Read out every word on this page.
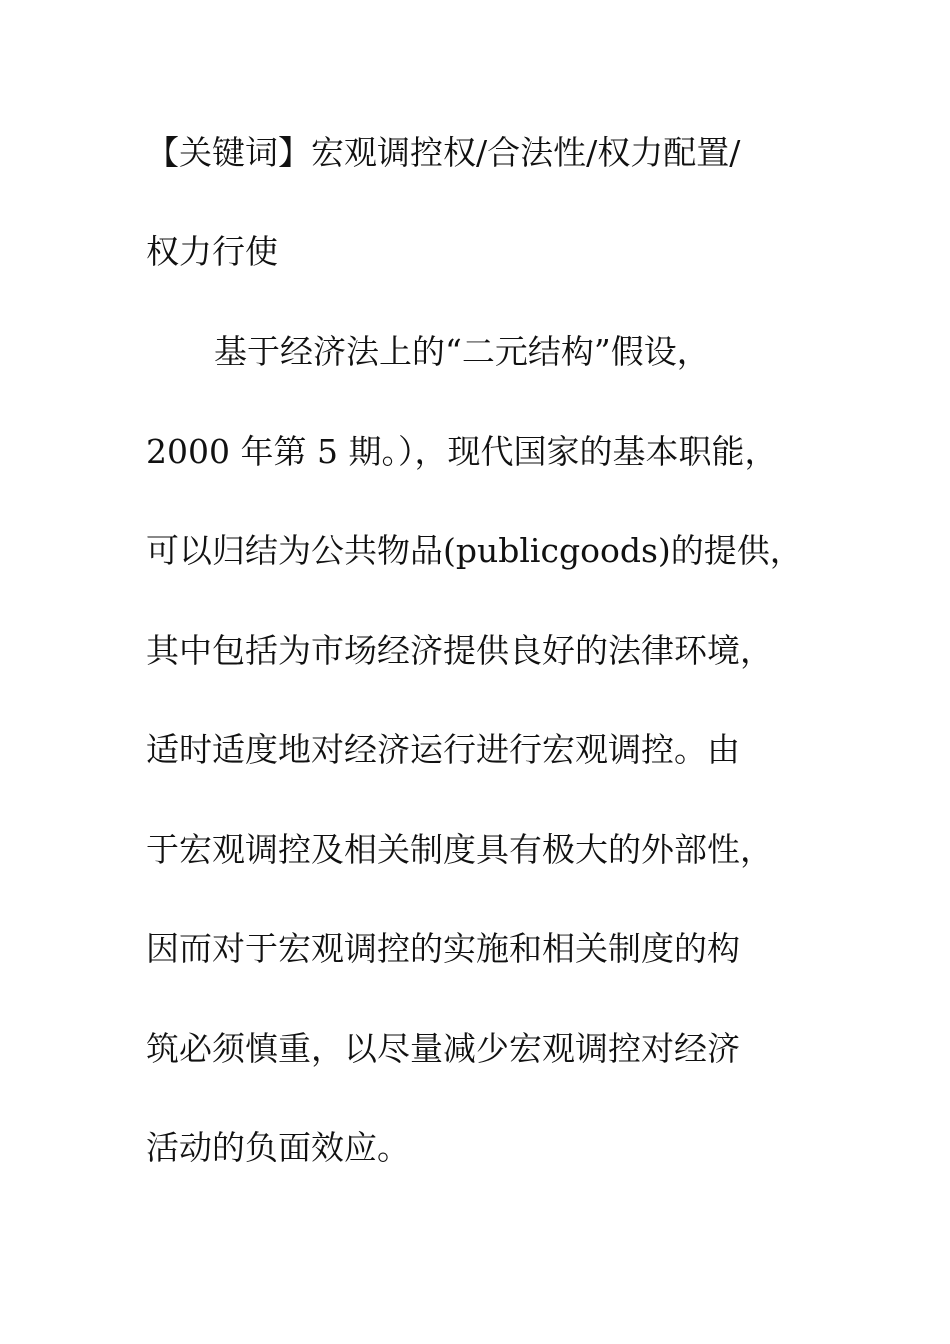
【关键词】宏观调控权/合法性/权力配置/
权力行使
基于经济法上的“二元结构”假设，
2000 年第 5 期。），现代国家的基本职能，
可以归结为公共物品(publicgoods)的提供，
其中包括为市场经济提供良好的法律环境，
适时适度地对经济运行进行宏观调控。由
于宏观调控及相关制度具有极大的外部性，
因而对于宏观调控的实施和相关制度的构
筑必须慎重，以尽量减少宏观调控对经济
活动的负面效应。
